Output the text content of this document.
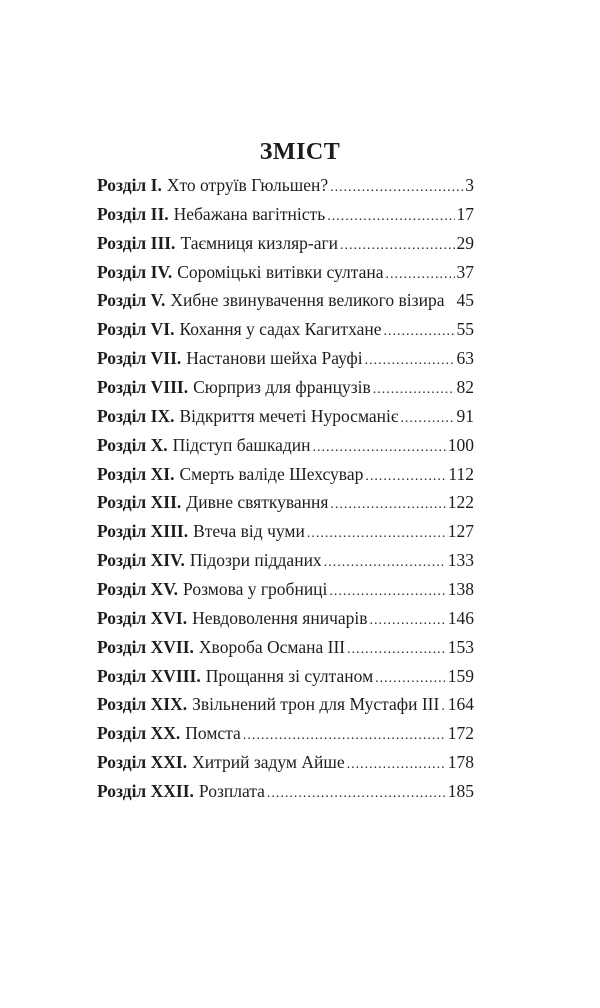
ЗМІСТ
Розділ I. Хто отруїв Гюльшен? .....	3
Розділ II. Небажана вагітність .....	17
Розділ III. Таємниця кизляр-аги .....	29
Розділ IV. Сороміцькі витівки султана .....	37
Розділ V. Хибне звинувачення великого візира 45
Розділ VI. Кохання у садах Кагитхане .....	55
Розділ VII. Настанови шейха Рауфі .....	63
Розділ VIII. Сюрприз для французів .....	82
Розділ IX. Відкриття мечеті Нуросманіє .....	91
Розділ X. Підступ башкадин .....	100
Розділ XI. Смерть валіде Шехсувар .....	112
Розділ XII. Дивне святкування .....	122
Розділ XIII. Втеча від чуми .....	127
Розділ XIV. Підозри підданих .....	133
Розділ XV. Розмова у гробниці .....	138
Розділ XVI. Невдоволення яничарів .....	146
Розділ XVII. Хвороба Османа III .....	153
Розділ XVIII. Прощання зі султаном .....	159
Розділ XIX. Звільнений трон для Мустафи III ..... 164
Розділ XX. Помста .....	172
Розділ XXI. Хитрий задум Айше .....	178
Розділ XXII. Розплата .....	185
